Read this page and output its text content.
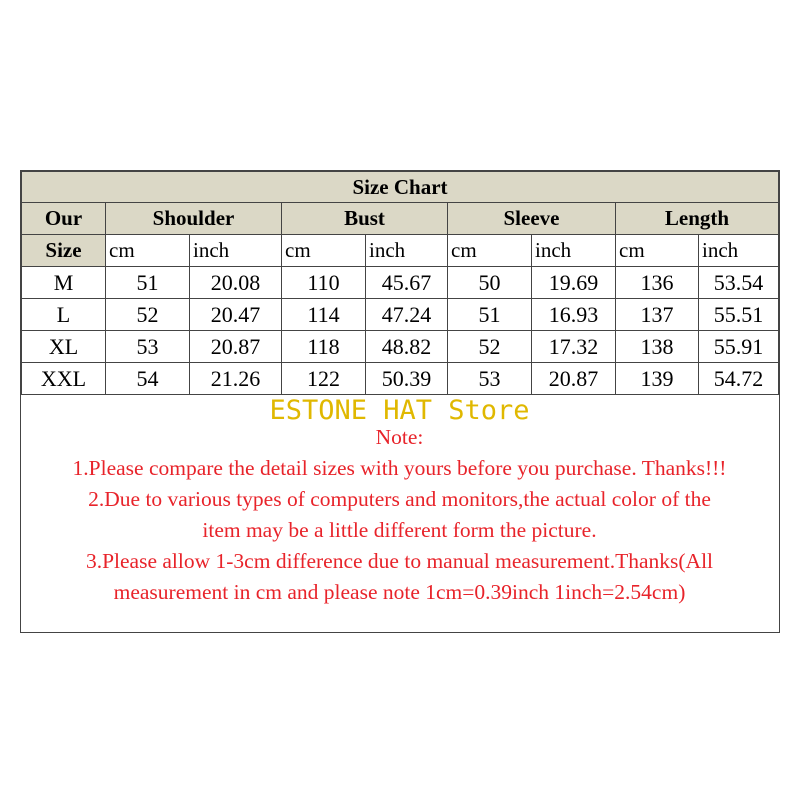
Size Chart								
Our	Shoulder		Bust		Sleeve		Length	
Size	cm	inch	cm	inch	cm	inch	cm	inch
M	51	20.08	110	45.67	50	19.69	136	53.54
L	52	20.47	114	47.24	51	16.93	137	55.51
XL	53	20.87	118	48.82	52	17.32	138	55.91
XXL	54	21.26	122	50.39	53	20.87	139	54.72
ESTONE HAT Store
Note:
1.Please compare the detail sizes with yours before you purchase. Thanks!!!
2.Due to various types of computers and monitors,the actual color of the
item may be a little different form the picture.
3.Please allow 1-3cm difference due to manual measurement.Thanks(All
measurement in cm and please note 1cm=0.39inch 1inch=2.54cm)
